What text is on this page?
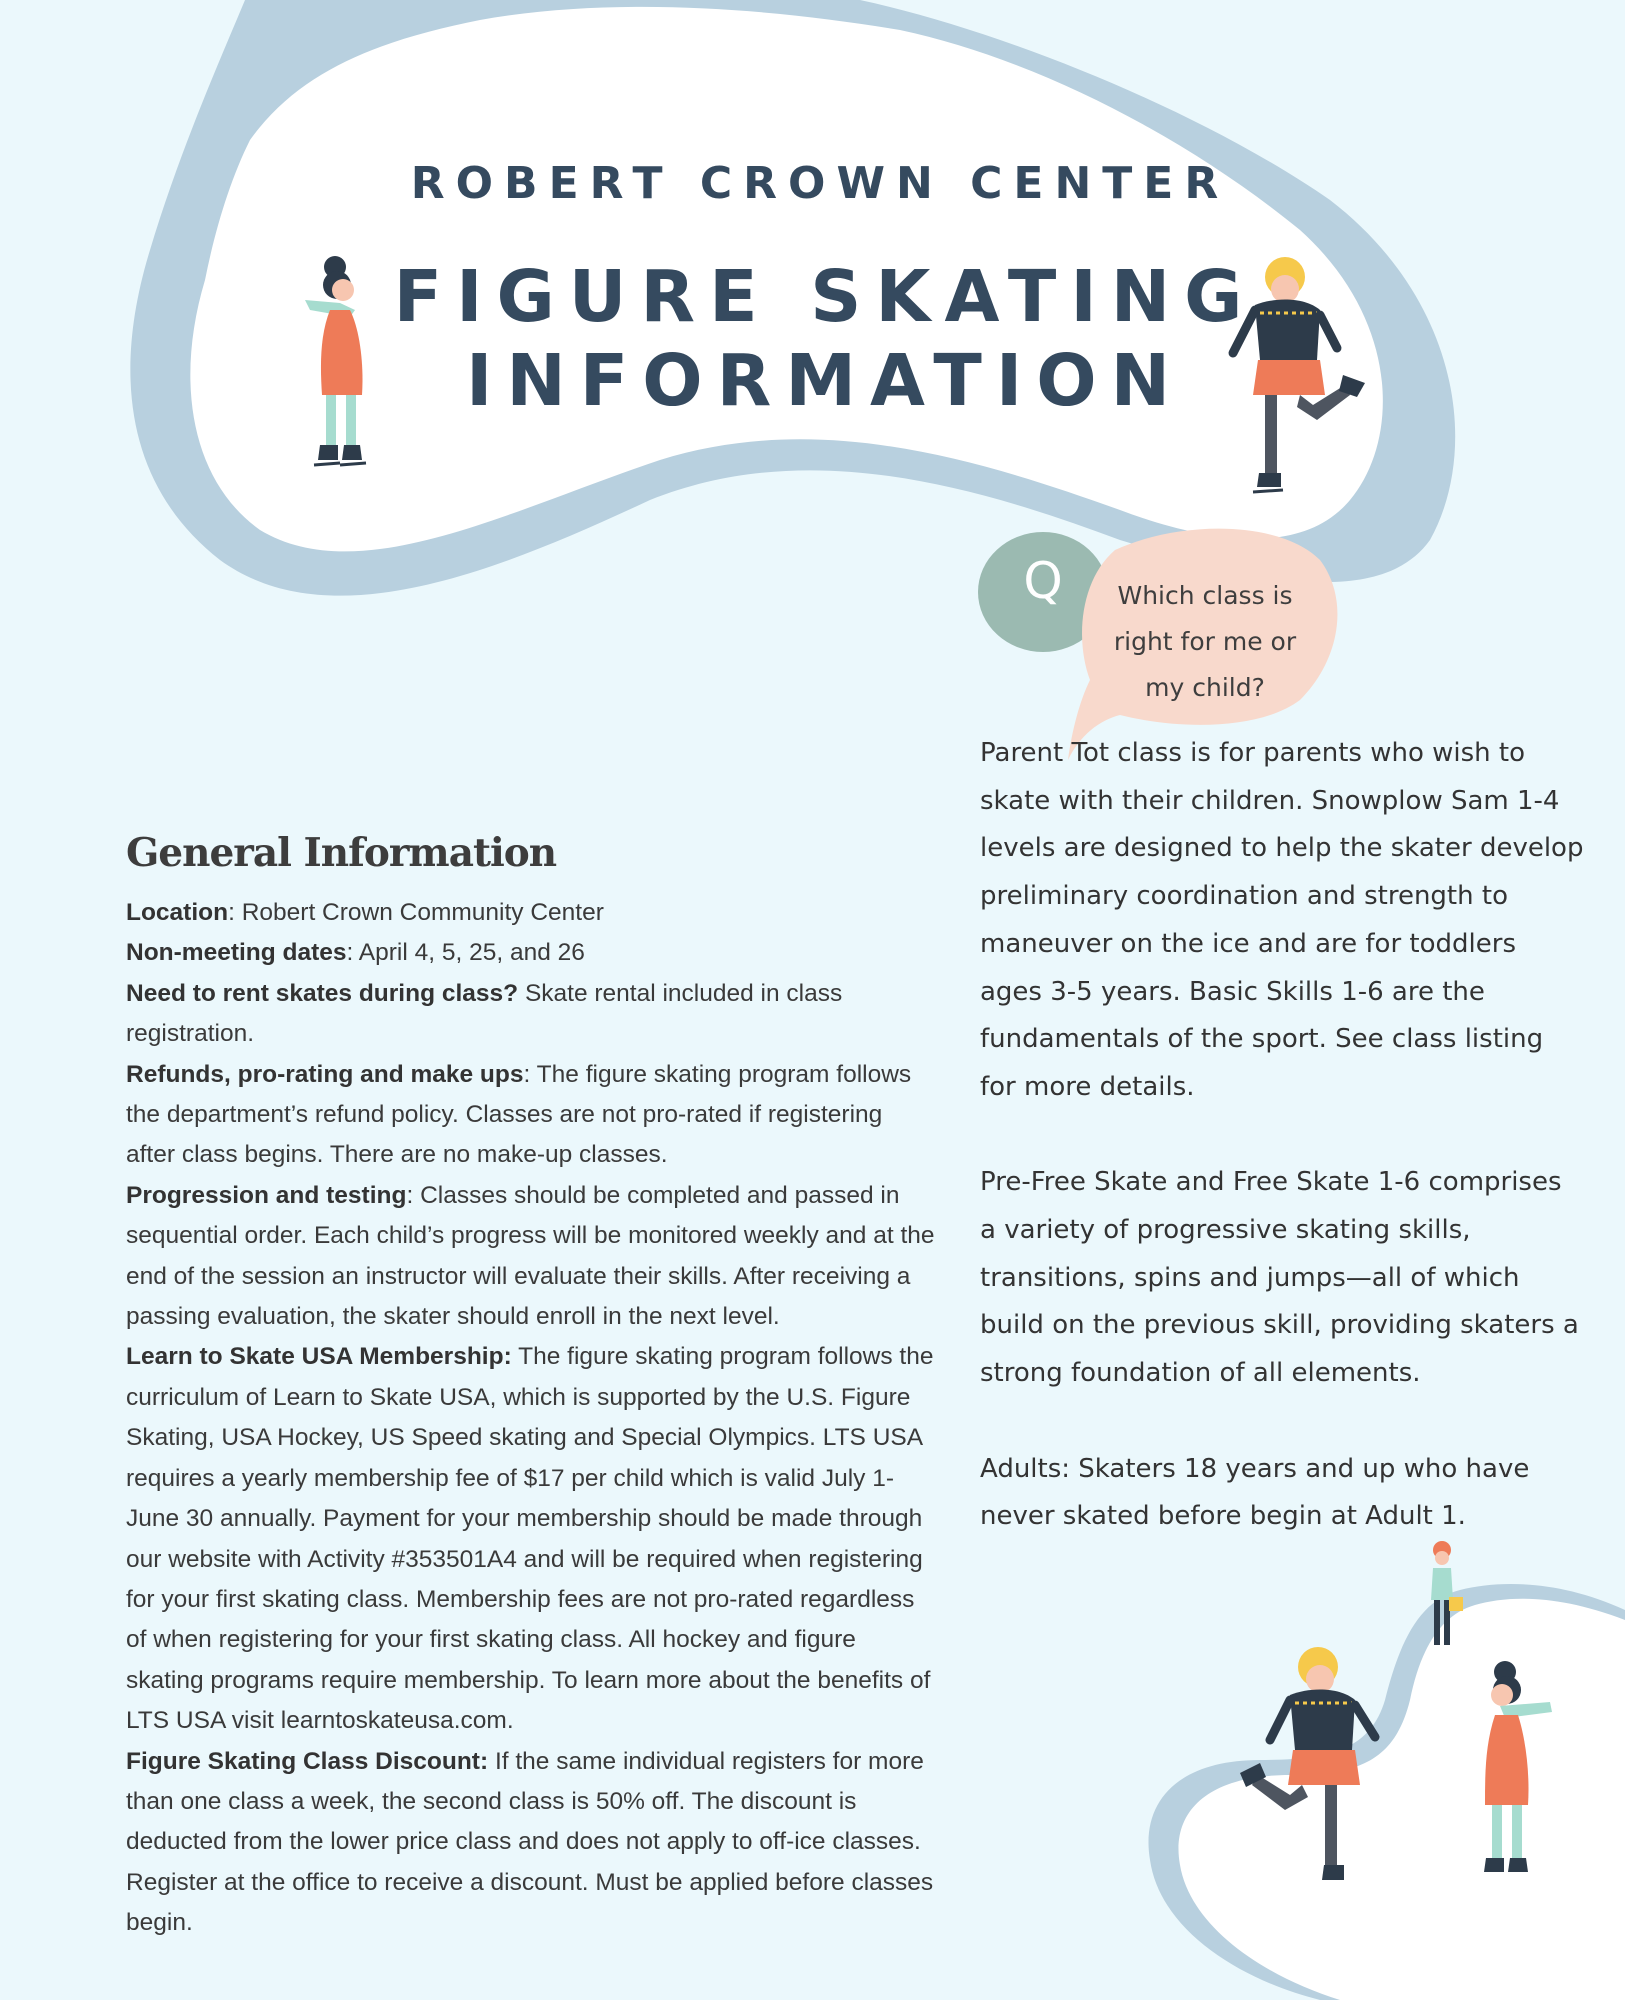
ROBERT CROWN CENTER
FIGURE SKATING
INFORMATION
Q	Which class is
right for me or
my child?

Parent Tot class is for parents who wish to skate with their children. Snowplow Sam 1-4 levels are designed to help the skater develop preliminary coordination and strength to maneuver on the ice and are for toddlers ages 3-5 years. Basic Skills 1-6 are the fundamentals of the sport. See class listing for more details.

Pre-Free Skate and Free Skate 1-6 comprises a variety of progressive skating skills, transitions, spins and jumps—all of which build on the previous skill, providing skaters a strong foundation of all elements.

Adults: Skaters 18 years and up who have never skated before begin at Adult 1.

General Information

Location: Robert Crown Community Center

Non-meeting dates: April 4, 5, 25, and 26

Need to rent skates during class? Skate rental included in class registration.

Refunds, pro-rating and make ups: The figure skating program follows the department’s refund policy. Classes are not pro-rated if registering after class begins. There are no make-up classes.

Progression and testing: Classes should be completed and passed in sequential order. Each child’s progress will be monitored weekly and at the end of the session an instructor will evaluate their skills. After receiving a passing evaluation, the skater should enroll in the next level.

Learn to Skate USA Membership: The figure skating program follows the curriculum of Learn to Skate USA, which is supported by the U.S. Figure Skating, USA Hockey, US Speed skating and Special Olympics. LTS USA requires a yearly membership fee of $17 per child which is valid July 1-June 30 annually. Payment for your membership should be made through our website with Activity #353501A4 and will be required when registering for your first skating class. Membership fees are not pro-rated regardless of when registering for your first skating class. All hockey and figure skating programs require membership. To learn more about the benefits of LTS USA visit learntoskateusa.com.

Figure Skating Class Discount: If the same individual registers for more than one class a week, the second class is 50% off. The discount is deducted from the lower price class and does not apply to off-ice classes. Register at the office to receive a discount. Must be applied before classes begin.
